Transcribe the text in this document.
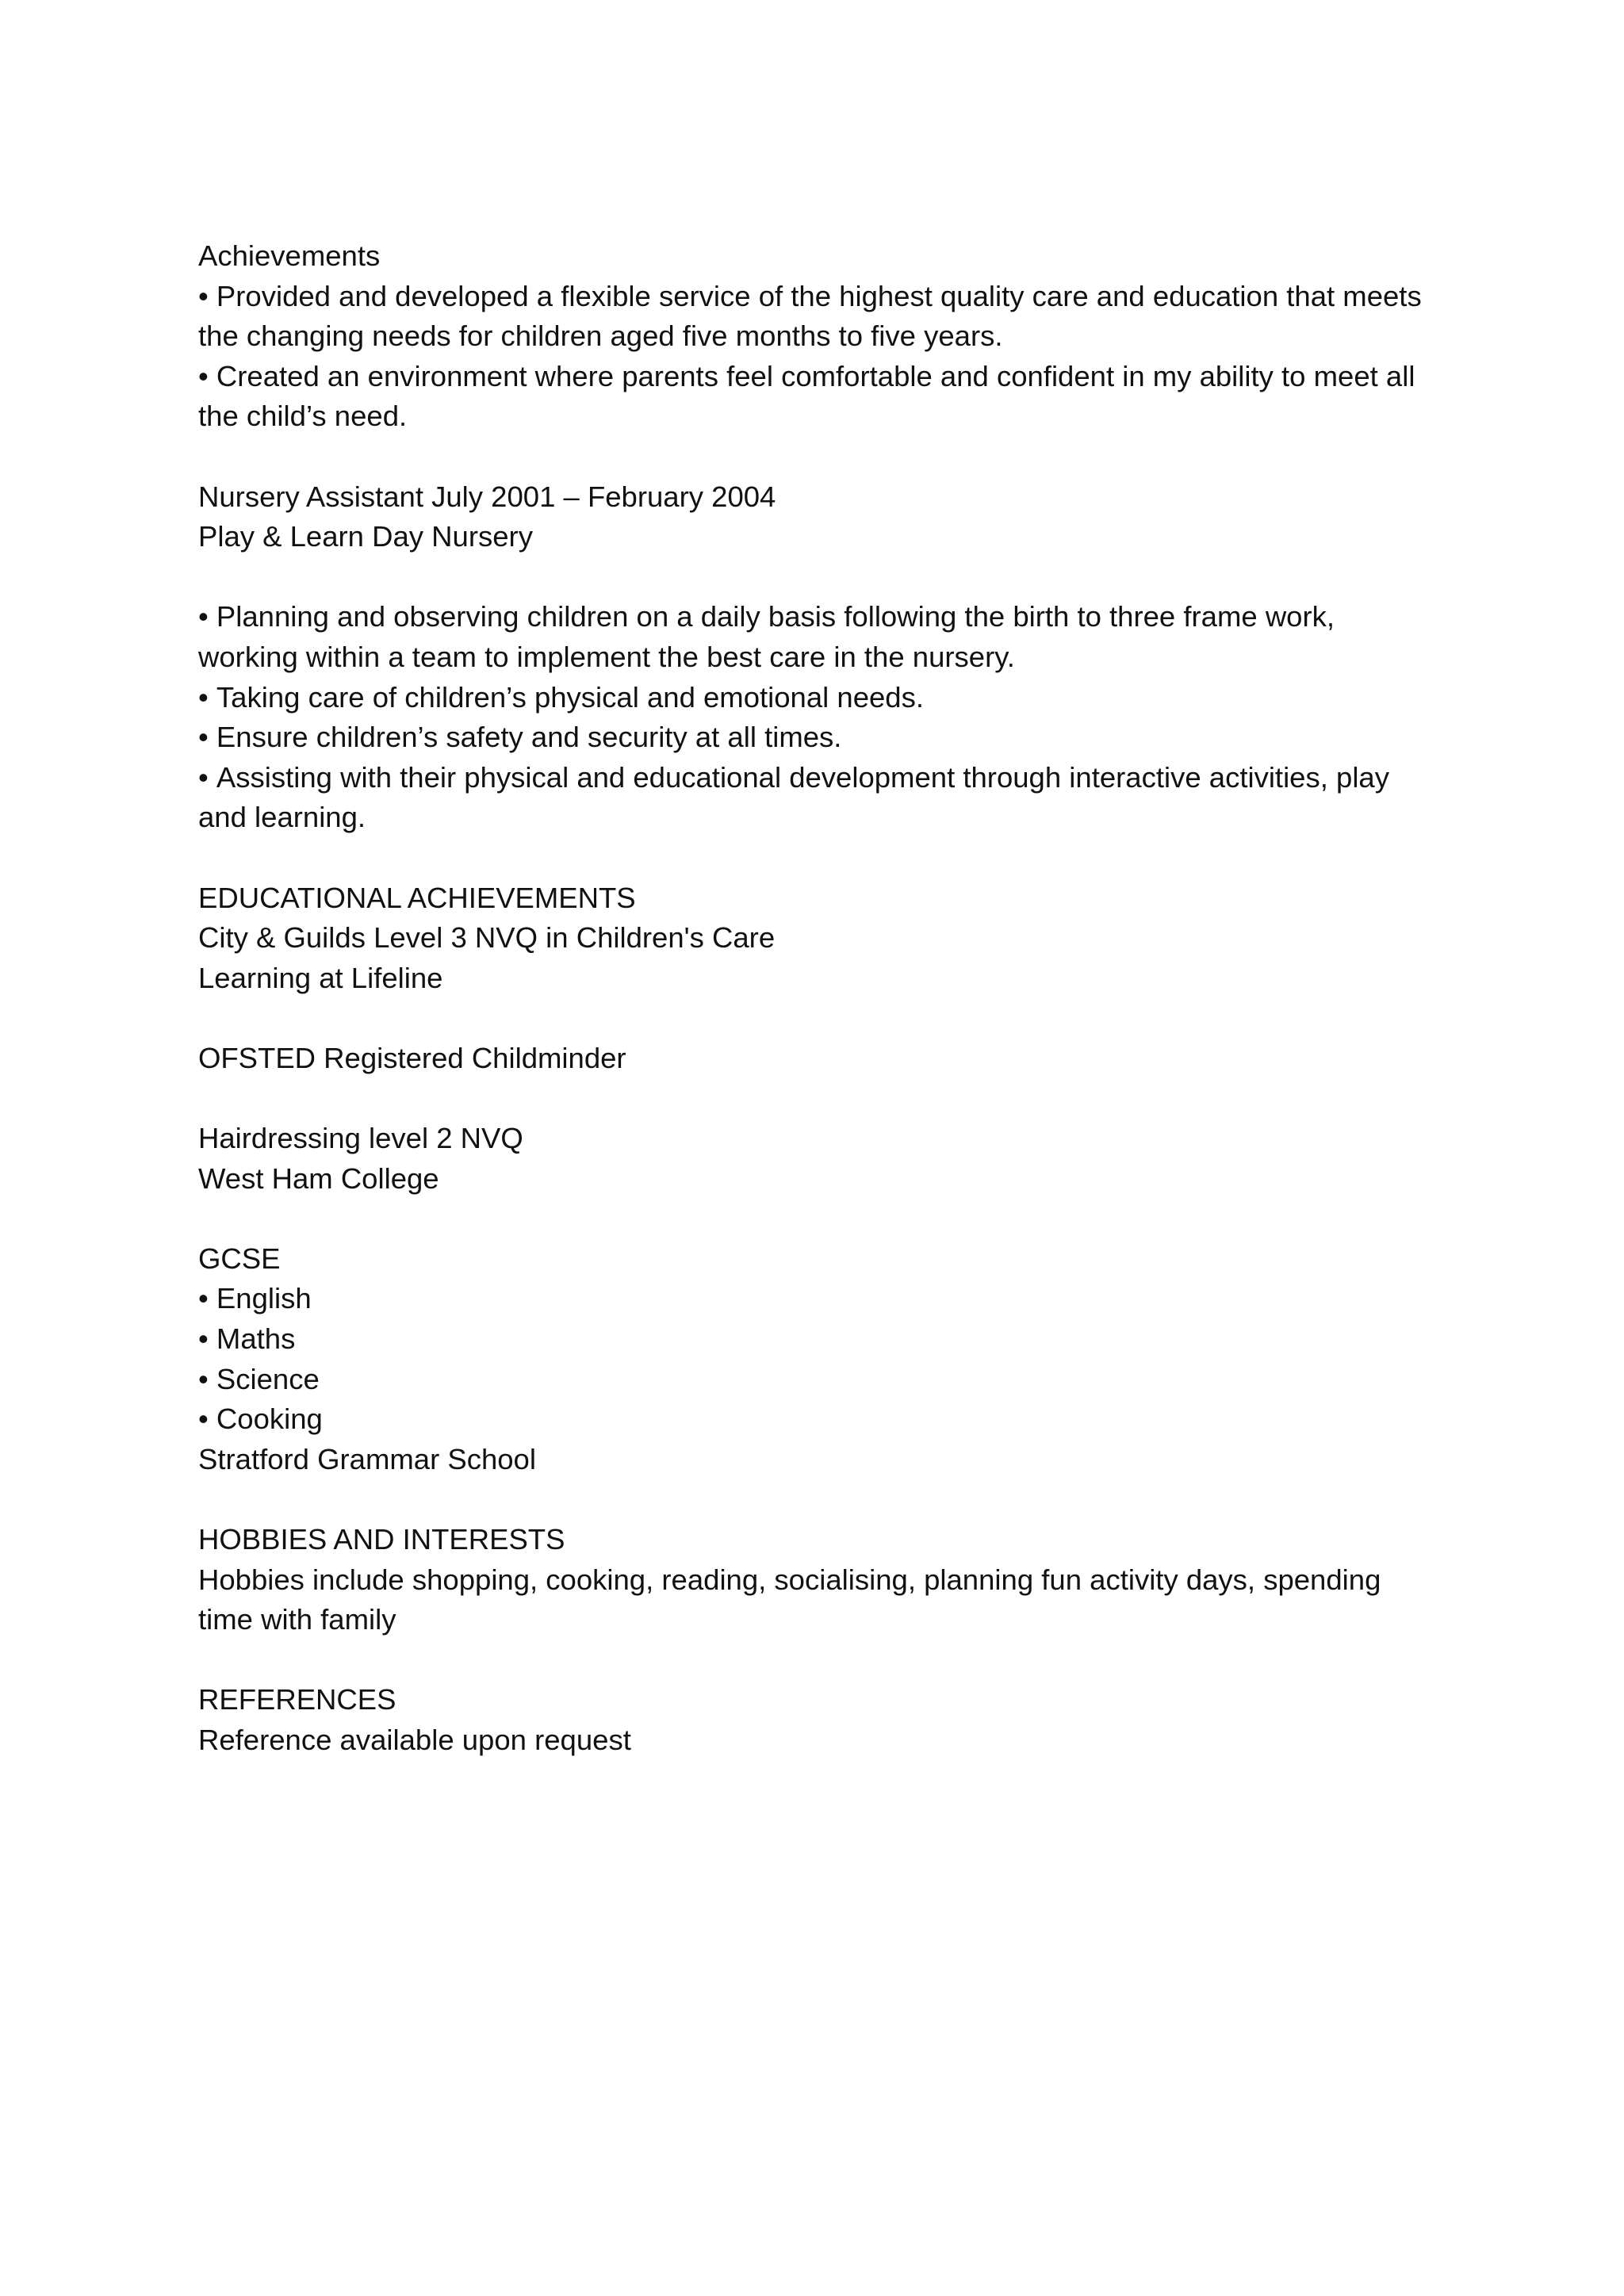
Achievements

• Provided and developed a flexible service of the highest quality care and education that meets the changing needs for children aged five months to five years.

• Created an environment where parents feel comfortable and confident in my ability to meet all the child’s need.

Nursery Assistant July 2001 – February 2004

Play & Learn Day Nursery

• Planning and observing children on a daily basis following the birth to three frame work, working within a team to implement the best care in the nursery.

• Taking care of children’s physical and emotional needs.

• Ensure children’s safety and security at all times.

• Assisting with their physical and educational development through interactive activities, play and learning.

EDUCATIONAL ACHIEVEMENTS

City & Guilds Level 3 NVQ in Children's Care

Learning at Lifeline

OFSTED Registered Childminder

Hairdressing level 2 NVQ

West Ham College

GCSE

• English

• Maths

• Science

• Cooking

Stratford Grammar School

HOBBIES AND INTERESTS

Hobbies include shopping, cooking, reading, socialising, planning fun activity days, spending time with family

REFERENCES

Reference available upon request
